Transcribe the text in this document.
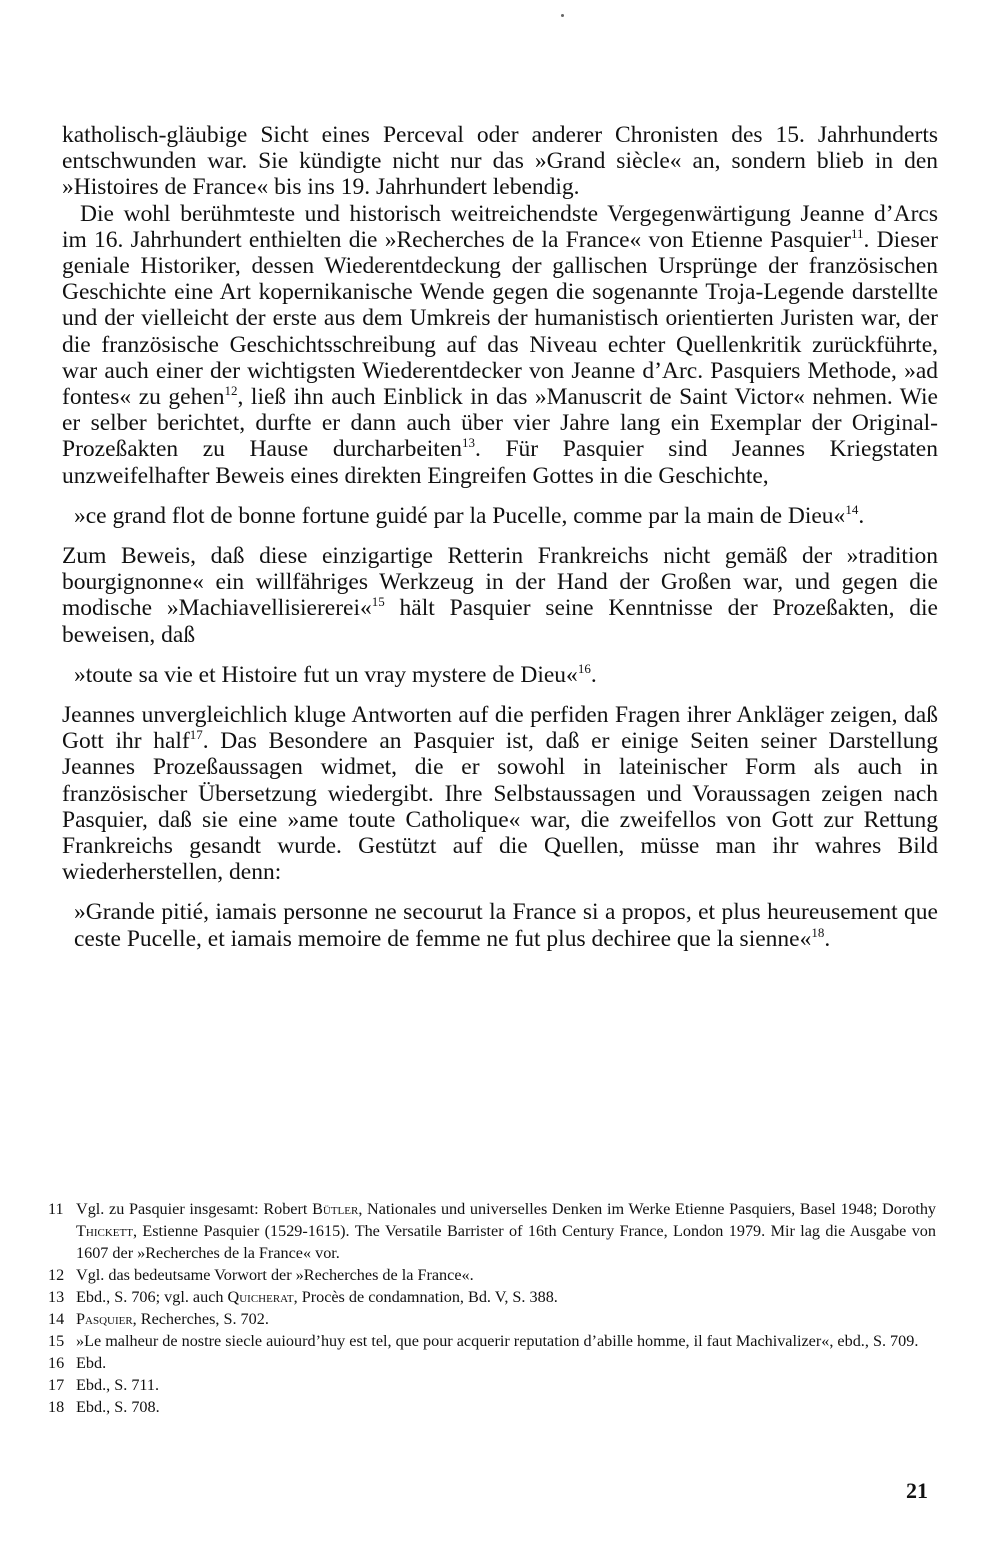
katholisch-gläubige Sicht eines Perceval oder anderer Chronisten des 15. Jahrhunderts entschwunden war. Sie kündigte nicht nur das »Grand siècle« an, sondern blieb in den »Histoires de France« bis ins 19. Jahrhundert lebendig.

Die wohl berühmteste und historisch weitreichendste Vergegenwärtigung Jeanne d’Arcs im 16. Jahrhundert enthielten die »Recherches de la France« von Etienne Pasquier$^{11}$. Dieser geniale Historiker, dessen Wiederentdeckung der gallischen Ursprünge der französischen Geschichte eine Art kopernikanische Wende gegen die sogenannte Troja-Legende darstellte und der vielleicht der erste aus dem Umkreis der humanistisch orientierten Juristen war, der die französische Geschichtsschreibung auf das Niveau echter Quellenkritik zurückführte, war auch einer der wichtigsten Wiederentdecker von Jeanne d’Arc. Pasquiers Methode, »ad fontes« zu gehen$^{12}$, ließ ihn auch Einblick in das »Manuscrit de Saint Victor« nehmen. Wie er selber berichtet, durfte er dann auch über vier Jahre lang ein Exemplar der Original-Prozeßakten zu Hause durcharbeiten$^{13}$. Für Pasquier sind Jeannes Kriegstaten unzweifelhafter Beweis eines direkten Eingreifen Gottes in die Geschichte,

»ce grand flot de bonne fortune guidé par la Pucelle, comme par la main de Dieu«$^{14}$.

Zum Beweis, daß diese einzigartige Retterin Frankreichs nicht gemäß der »tradition bourgignonne« ein willfähriges Werkzeug in der Hand der Großen war, und gegen die modische »Machiavellisiererei«$^{15}$ hält Pasquier seine Kenntnisse der Prozeßakten, die beweisen, daß

»toute sa vie et Histoire fut un vray mystere de Dieu«$^{16}$.

Jeannes unvergleichlich kluge Antworten auf die perfiden Fragen ihrer Ankläger zeigen, daß Gott ihr half$^{17}$. Das Besondere an Pasquier ist, daß er einige Seiten seiner Darstellung Jeannes Prozeßaussagen widmet, die er sowohl in lateinischer Form als auch in französischer Übersetzung wiedergibt. Ihre Selbstaussagen und Voraussagen zeigen nach Pasquier, daß sie eine »ame toute Catholique« war, die zweifellos von Gott zur Rettung Frankreichs gesandt wurde. Gestützt auf die Quellen, müsse man ihr wahres Bild wiederherstellen, denn:

»Grande pitié, iamais personne ne secourut la France si a propos, et plus heureusement que ceste Pucelle, et iamais memoire de femme ne fut plus dechiree que la sienne«$^{18}$.

11 Vgl. zu Pasquier insgesamt: Robert Bütler, Nationales und universelles Denken im Werke Etienne Pasquiers, Basel 1948; Dorothy Thickett, Estienne Pasquier (1529-1615). The Versatile Barrister of 16th Century France, London 1979. Mir lag die Ausgabe von 1607 der »Recherches de la France« vor.
12 Vgl. das bedeutsame Vorwort der »Recherches de la France«.
13 Ebd., S. 706; vgl. auch Quicherat, Procès de condamnation, Bd. V, S. 388.
14 Pasquier, Recherches, S. 702.
15 »Le malheur de nostre siecle auiourd’huy est tel, que pour acquerir reputation d’abille homme, il faut Machivalizer«, ebd., S. 709.
16 Ebd.
17 Ebd., S. 711.
18 Ebd., S. 708.
21
